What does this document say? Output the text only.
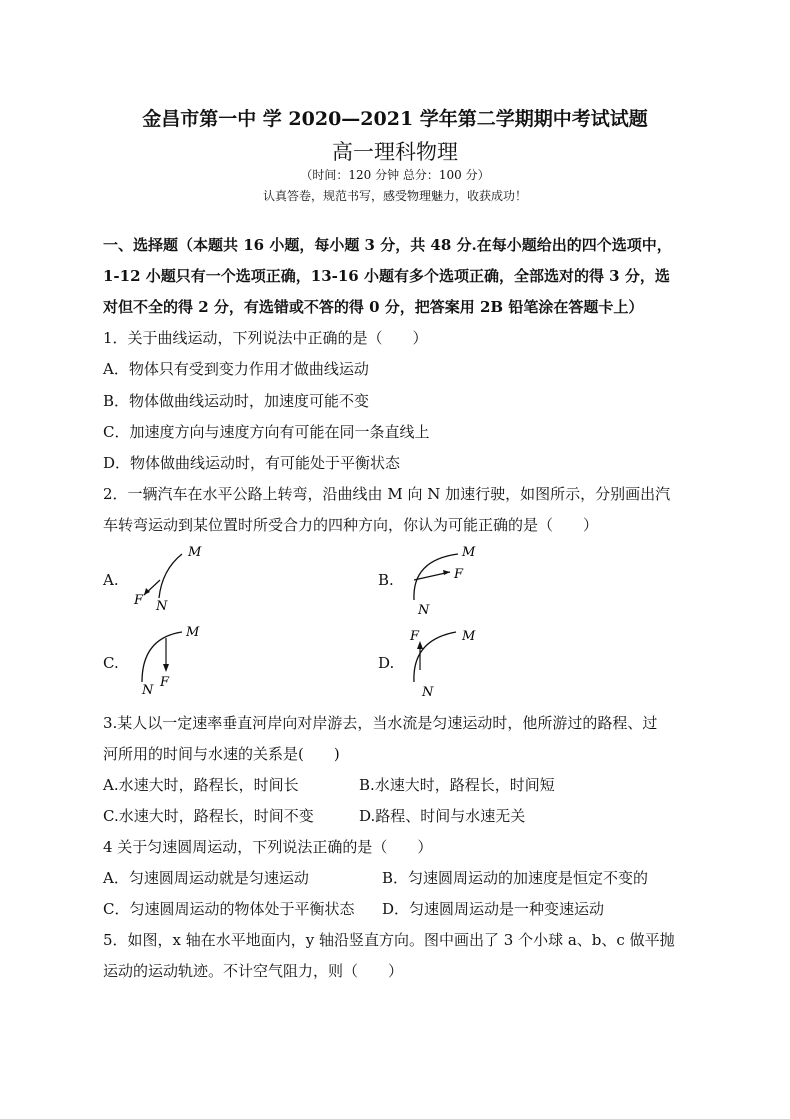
金昌市第一中 学 2020—2021 学年第二学期期中考试试题
高一理科物理
（时间：120 分钟 总分：100 分）
认真答卷，规范书写，感受物理魅力，收获成功！
一、选择题（本题共 16 小题，每小题 3 分，共 48 分.在每小题给出的四个选项中，
1-12 小题只有一个选项正确，13-16 小题有多个选项正确，全部选对的得 3 分，选
对但不全的得 2 分，有选错或不答的得 0 分，把答案用 2B 铅笔涂在答题卡上）
1．关于曲线运动，下列说法中正确的是（　　）
A．物体只有受到变力作用才做曲线运动
B．物体做曲线运动时，加速度可能不变
C．加速度方向与速度方向有可能在同一条直线上
D．物体做曲线运动时，有可能处于平衡状态
2．一辆汽车在水平公路上转弯，沿曲线由 M 向 N 加速行驶，如图所示，分别画出汽
车转弯运动到某位置时所受合力的四种方向，你认为可能正确的是（　　）
A.
M
N
F
B.
M
N
F
C.
M
N
F
D.
M
N
F
3.某人以一定速率垂直河岸向对岸游去，当水流是匀速运动时，他所游过的路程、过
河所用的时间与水速的关系是(　　)
A.水速大时，路程长，时间长	B.水速大时，路程长，时间短
C.水速大时，路程长，时间不变	D.路程、时间与水速无关
4 关于匀速圆周运动，下列说法正确的是（　　）
A．匀速圆周运动就是匀速运动	B．匀速圆周运动的加速度是恒定不变的
C．匀速圆周运动的物体处于平衡状态 D．匀速圆周运动是一种变速运动
5．如图，x 轴在水平地面内，y 轴沿竖直方向。图中画出了 3 个小球 a、b、c 做平抛
运动的运动轨迹。不计空气阻力，则（　　）
